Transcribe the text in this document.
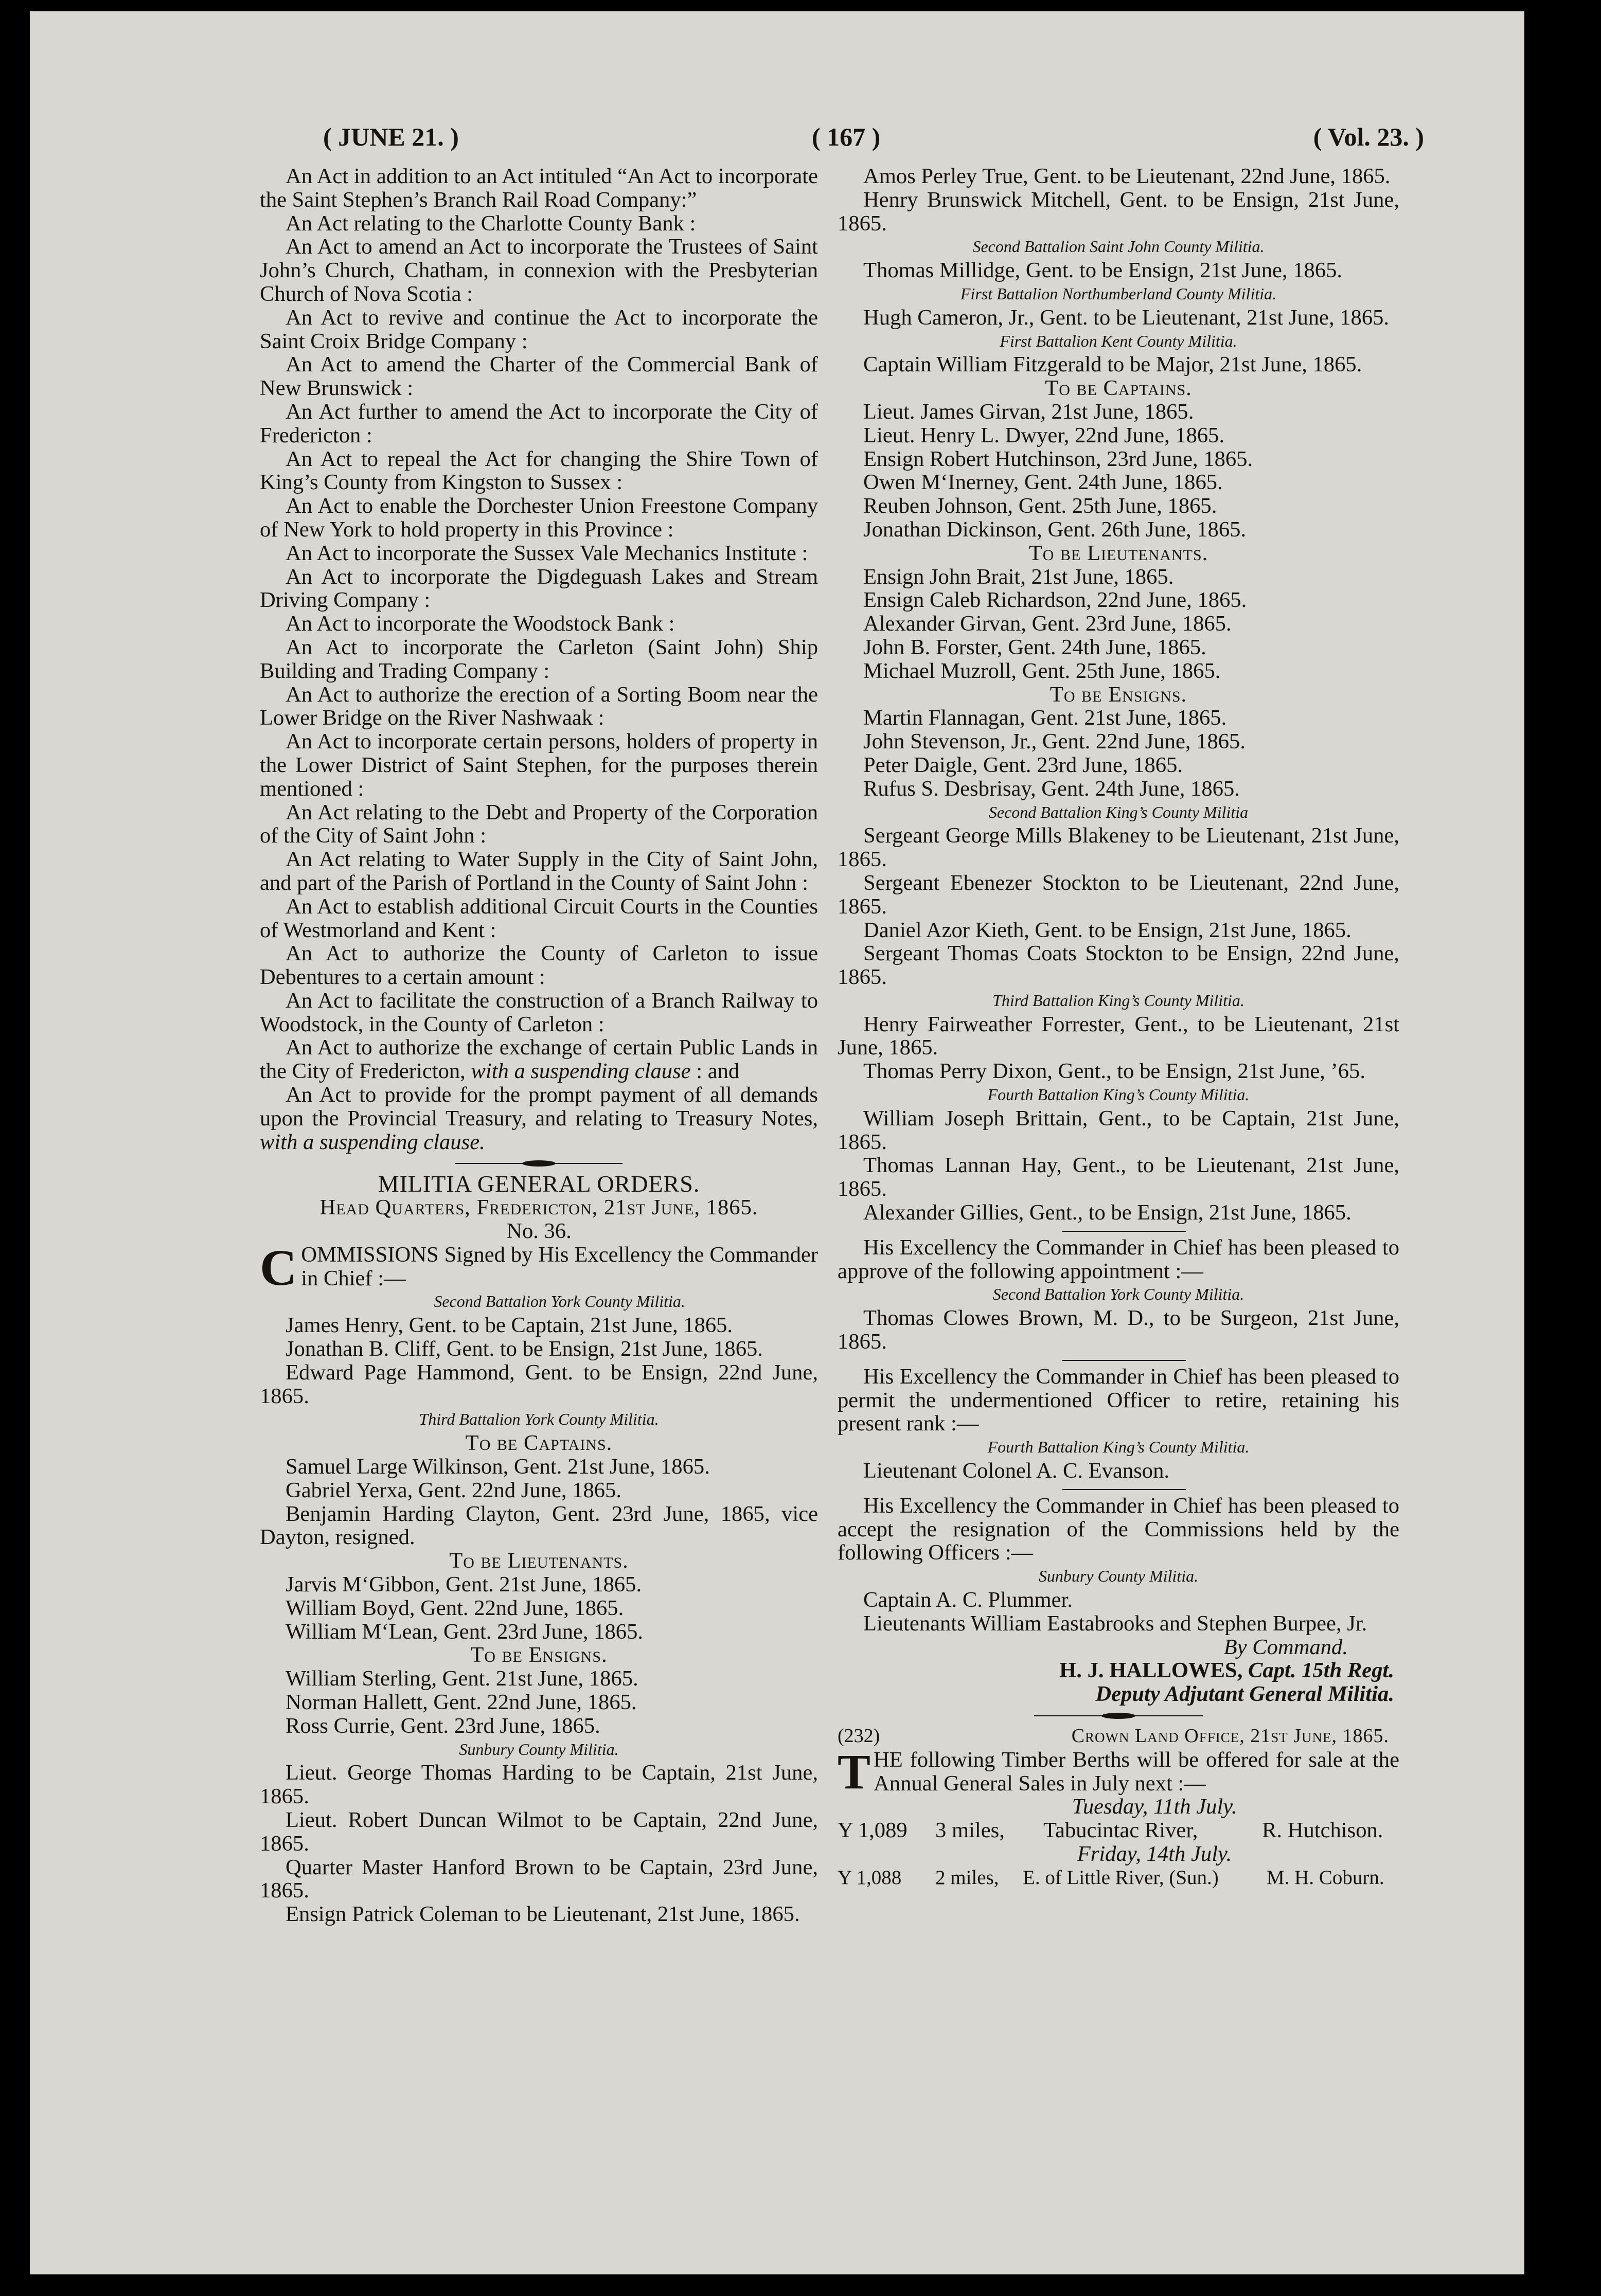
( JUNE 21. )	( 167 )	( Vol. 23. )

An Act in addition to an Act intituled “An Act to incorporate the Saint Stephen’s Branch Rail Road Company:”

An Act relating to the Charlotte County Bank :

An Act to amend an Act to incorporate the Trustees of Saint John’s Church, Chatham, in connexion with the Presbyterian Church of Nova Scotia :

An Act to revive and continue the Act to incorporate the Saint Croix Bridge Company :

An Act to amend the Charter of the Commercial Bank of New Brunswick :

An Act further to amend the Act to incorporate the City of Fredericton :

An Act to repeal the Act for changing the Shire Town of King’s County from Kingston to Sussex :

An Act to enable the Dorchester Union Freestone Company of New York to hold property in this Province :

An Act to incorporate the Sussex Vale Mechanics Institute :

An Act to incorporate the Digdeguash Lakes and Stream Driving Company :

An Act to incorporate the Woodstock Bank :

An Act to incorporate the Carleton (Saint John) Ship Building and Trading Company :

An Act to authorize the erection of a Sorting Boom near the Lower Bridge on the River Nashwaak :

An Act to incorporate certain persons, holders of property in the Lower District of Saint Stephen, for the purposes therein mentioned :

An Act relating to the Debt and Property of the Corporation of the City of Saint John :

An Act relating to Water Supply in the City of Saint John, and part of the Parish of Portland in the County of Saint John :

An Act to establish additional Circuit Courts in the Counties of Westmorland and Kent :

An Act to authorize the County of Carleton to issue Debentures to a certain amount :

An Act to facilitate the construction of a Branch Railway to Woodstock, in the County of Carleton :

An Act to authorize the exchange of certain Public Lands in the City of Fredericton, with a suspending clause : and

An Act to provide for the prompt payment of all demands upon the Provincial Treasury, and relating to Treasury Notes, with a suspending clause.

MILITIA GENERAL ORDERS.

Head Quarters, Fredericton, 21st June, 1865.

No. 36.

COMMISSIONS Signed by His Excellency the Commander in Chief :—

Second Battalion York County Militia.

James Henry, Gent. to be Captain, 21st June, 1865.

Jonathan B. Cliff, Gent. to be Ensign, 21st June, 1865.

Edward Page Hammond, Gent. to be Ensign, 22nd June, 1865.

Third Battalion York County Militia.

To be Captains.

Samuel Large Wilkinson, Gent. 21st June, 1865.

Gabriel Yerxa, Gent. 22nd June, 1865.

Benjamin Harding Clayton, Gent. 23rd June, 1865, vice Dayton, resigned.

To be Lieutenants.

Jarvis M‘Gibbon, Gent. 21st June, 1865.

William Boyd, Gent. 22nd June, 1865.

William M‘Lean, Gent. 23rd June, 1865.

To be Ensigns.

William Sterling, Gent. 21st June, 1865.

Norman Hallett, Gent. 22nd June, 1865.

Ross Currie, Gent. 23rd June, 1865.

Sunbury County Militia.

Lieut. George Thomas Harding to be Captain, 21st June, 1865.

Lieut. Robert Duncan Wilmot to be Captain, 22nd June, 1865.

Quarter Master Hanford Brown to be Captain, 23rd June, 1865.

Ensign Patrick Coleman to be Lieutenant, 21st June, 1865.

Amos Perley True, Gent. to be Lieutenant, 22nd June, 1865.

Henry Brunswick Mitchell, Gent. to be Ensign, 21st June, 1865.

Second Battalion Saint John County Militia.

Thomas Millidge, Gent. to be Ensign, 21st June, 1865.

First Battalion Northumberland County Militia.

Hugh Cameron, Jr., Gent. to be Lieutenant, 21st June, 1865.

First Battalion Kent County Militia.

Captain William Fitzgerald to be Major, 21st June, 1865.

To be Captains.

Lieut. James Girvan, 21st June, 1865.

Lieut. Henry L. Dwyer, 22nd June, 1865.

Ensign Robert Hutchinson, 23rd June, 1865.

Owen M‘Inerney, Gent. 24th June, 1865.

Reuben Johnson, Gent. 25th June, 1865.

Jonathan Dickinson, Gent. 26th June, 1865.

To be Lieutenants.

Ensign John Brait, 21st June, 1865.

Ensign Caleb Richardson, 22nd June, 1865.

Alexander Girvan, Gent. 23rd June, 1865.

John B. Forster, Gent. 24th June, 1865.

Michael Muzroll, Gent. 25th June, 1865.

To be Ensigns.

Martin Flannagan, Gent. 21st June, 1865.

John Stevenson, Jr., Gent. 22nd June, 1865.

Peter Daigle, Gent. 23rd June, 1865.

Rufus S. Desbrisay, Gent. 24th June, 1865.

Second Battalion King’s County Militia

Sergeant George Mills Blakeney to be Lieutenant, 21st June, 1865.

Sergeant Ebenezer Stockton to be Lieutenant, 22nd June, 1865.

Daniel Azor Kieth, Gent. to be Ensign, 21st June, 1865.

Sergeant Thomas Coats Stockton to be Ensign, 22nd June, 1865.

Third Battalion King’s County Militia.

Henry Fairweather Forrester, Gent., to be Lieutenant, 21st June, 1865.

Thomas Perry Dixon, Gent., to be Ensign, 21st June, ’65.

Fourth Battalion King’s County Militia.

William Joseph Brittain, Gent., to be Captain, 21st June, 1865.

Thomas Lannan Hay, Gent., to be Lieutenant, 21st June, 1865.

Alexander Gillies, Gent., to be Ensign, 21st June, 1865.

His Excellency the Commander in Chief has been pleased to approve of the following appointment :—

Second Battalion York County Militia.

Thomas Clowes Brown, M. D., to be Surgeon, 21st June, 1865.

His Excellency the Commander in Chief has been pleased to permit the undermentioned Officer to retire, retaining his present rank :—

Fourth Battalion King’s County Militia.

Lieutenant Colonel A. C. Evanson.

His Excellency the Commander in Chief has been pleased to accept the resignation of the Commissions held by the following Officers :—

Sunbury County Militia.

Captain A. C. Plummer.

Lieutenants William Eastabrooks and Stephen Burpee, Jr.

By Command.

H. J. HALLOWES, Capt. 15th Regt.

Deputy Adjutant General Militia.

(232)	Crown Land Office, 21st June, 1865.

THE following Timber Berths will be offered for sale at the Annual General Sales in July next :—

Tuesday, 11th July.

Y 1,089	3 miles,	Tabucintac River,	R. Hutchison.

Friday, 14th July.

Y 1,088	2 miles,	E. of Little River, (Sun.)	M. H. Coburn.
